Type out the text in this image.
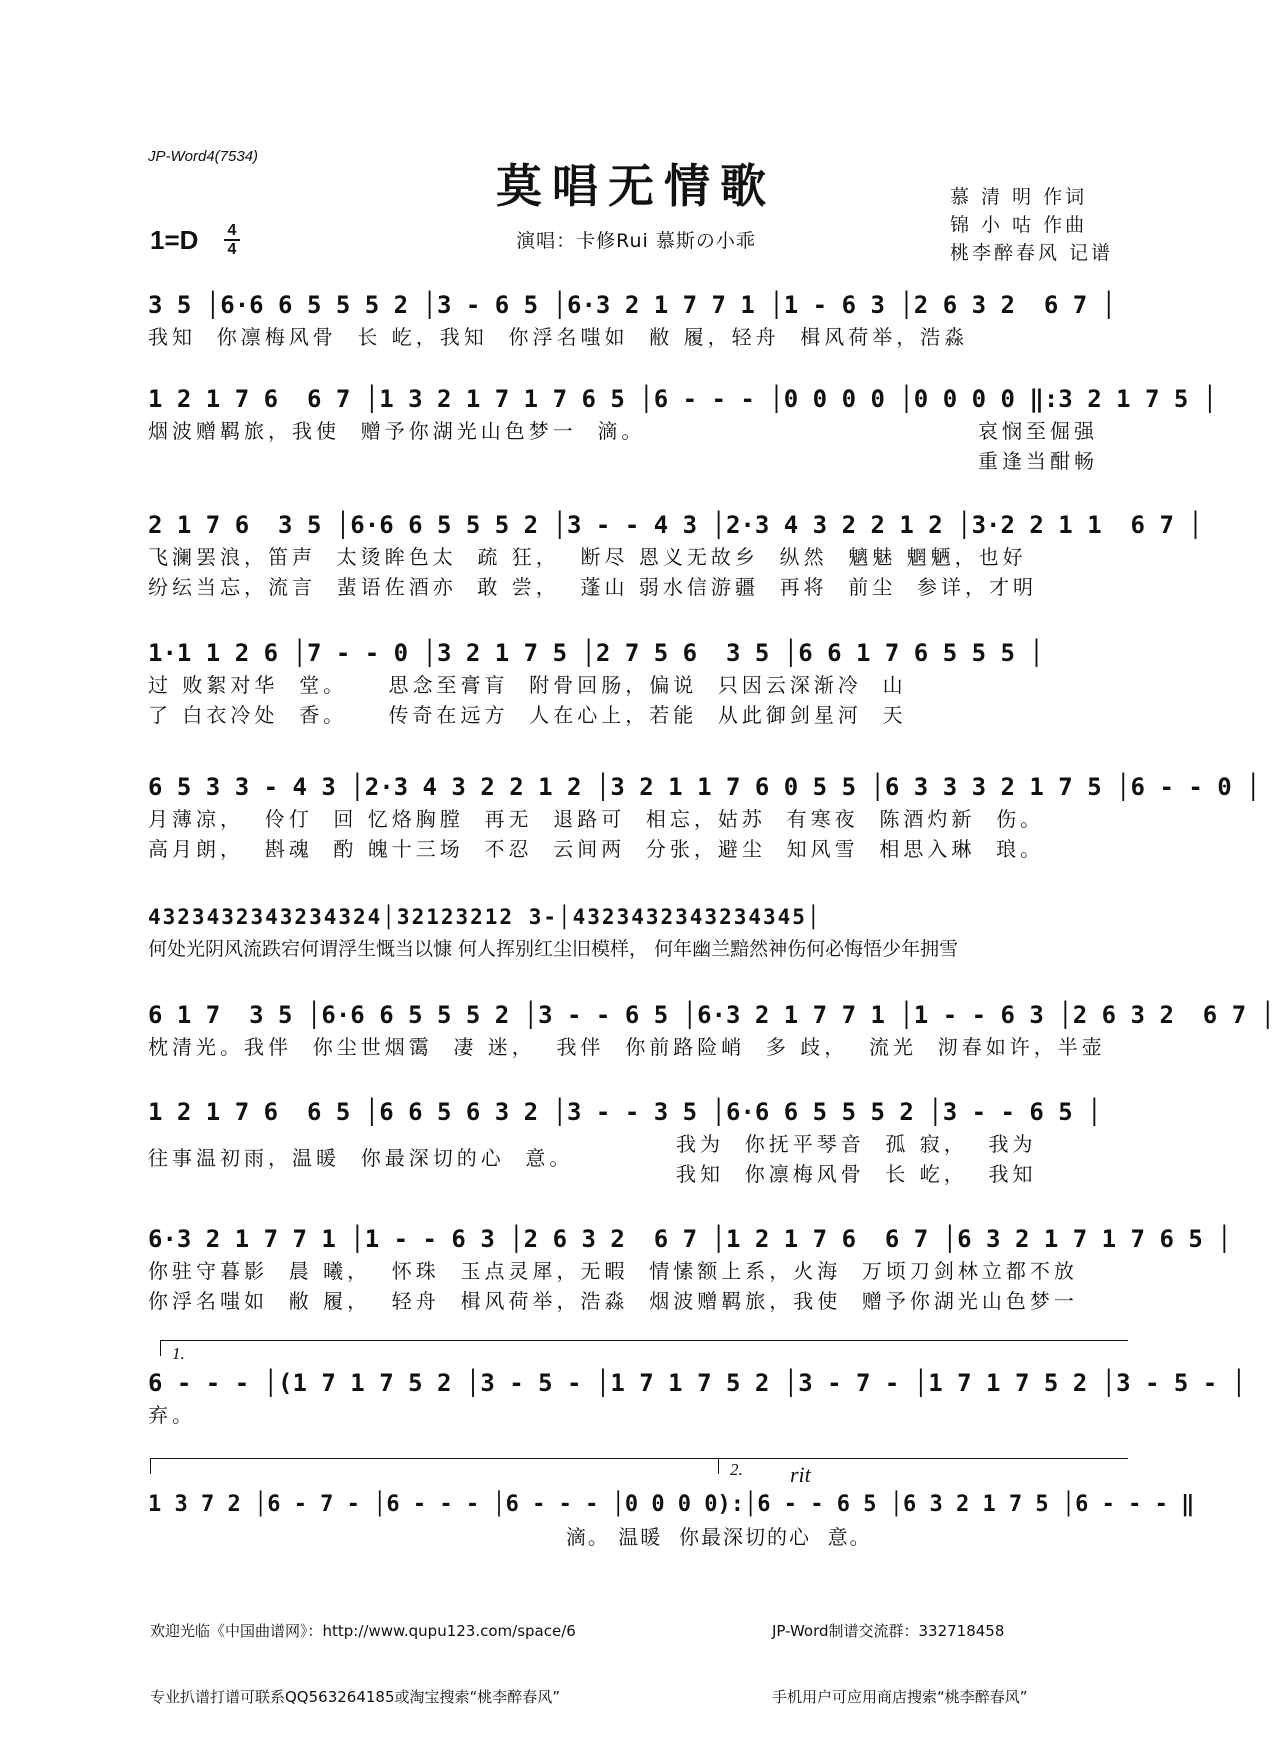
JP-Word4(7534)
莫唱无情歌
演唱：卡修Rui 慕斯の小乖
慕 清 明 作词
锦 小 咕 作曲
桃李醉春风 记谱
1=D 4
4
3 5 │6·6 6 5 5 5 2 │3 - 6 5 │6·3 2 1 7 7 1 │1 - 6 3 │2 6 3 2  6 7 │
我知  你凛梅风骨  长 屹，我知  你浮名嗤如  敝 履，轻舟  楫风荷举，浩淼
1 2 1 7 6  6 7 │1 3 2 1 7 1 7 6 5 │6 - - - │0 0 0 0 │0 0 0 0 ‖:3 2 1 7 5 │
烟波赠羁旅，我使  赠予你湖光山色梦一  滴。	哀悯至倔强
重逢当酣畅
2 1 7 6  3 5 │6·6 6 5 5 5 2 │3 - - 4 3 │2·3 4 3 2 2 1 2 │3·2 2 1 1  6 7 │
飞澜罢浪，笛声  太烫眸色太  疏 狂，  断尽 恩义无故乡  纵然  魑魅 魍魉，也好
纷纭当忘，流言  蜚语佐酒亦  敢 尝，  蓬山 弱水信游疆  再将  前尘  参详，才明
1·1 1 2 6 │7 - - 0 │3 2 1 7 5 │2 7 5 6  3 5 │6 6 1 7 6 5 5 5 │
过 败絮对华  堂。    思念至膏肓  附骨回肠，偏说  只因云深渐冷  山
了 白衣冷处  香。    传奇在远方  人在心上，若能  从此御剑星河  天
6 5 3 3 - 4 3 │2·3 4 3 2 2 1 2 │3 2 1 1 7 6 0 5 5 │6 3 3 3 2 1 7 5 │6 - - 0 │
月薄凉，  伶仃  回 忆烙胸膛  再无  退路可  相忘，姑苏  有寒夜  陈酒灼新  伤。
高月朗，  斟魂  酌 魄十三场  不忍  云间两  分张，避尘  知风雪  相思入琳  琅。
4323432343234324│32123212 3-│4323432343234345│
何处光阴风流跌宕何谓浮生慨当以慷 何人挥别红尘旧模样， 何年幽兰黯然神伤何必悔悟少年拥雪
6 1 7  3 5 │6·6 6 5 5 5 2 │3 - - 6 5 │6·3 2 1 7 7 1 │1 - - 6 3 │2 6 3 2  6 7 │
枕清光。我伴  你尘世烟霭  凄 迷，  我伴  你前路险峭  多 歧，  流光  沏春如许，半壶
1 2 1 7 6  6 5 │6 6 5 6 3 2 │3 - - 3 5 │6·6 6 5 5 5 2 │3 - - 6 5 │
往事温初雨，温暖  你最深切的心  意。
我为  你抚平琴音  孤 寂，  我为
我知  你凛梅风骨  长 屹，  我知
6·3 2 1 7 7 1 │1 - - 6 3 │2 6 3 2  6 7 │1 2 1 7 6  6 7 │6 3 2 1 7 1 7 6 5 │
你驻守暮影  晨 曦，  怀珠  玉点灵犀，无暇  情愫额上系，火海  万顷刀剑林立都不放
你浮名嗤如  敝 履，  轻舟  楫风荷举，浩淼  烟波赠羁旅，我使  赠予你湖光山色梦一
1.
6 - - - │(1 7 1 7 5 2 │3 - 5 - │1 7 1 7 5 2 │3 - 7 - │1 7 1 7 5 2 │3 - 5 - │
弃。
2. rit
1 3 7 2 │6 - 7 - │6 - - - │6 - - - │0 0 0 0):│6 - - 6 5 │6 3 2 1 7 5 │6 - - - ‖
滴。 温暖  你最深切的心  意。

欢迎光临《中国曲谱网》：http://www.qupu123.com/space/6

专业扒谱打谱可联系QQ563264185或淘宝搜索“桃李醉春风”

JP-Word制谱交流群：332718458

手机用户可应用商店搜索“桃李醉春风”
